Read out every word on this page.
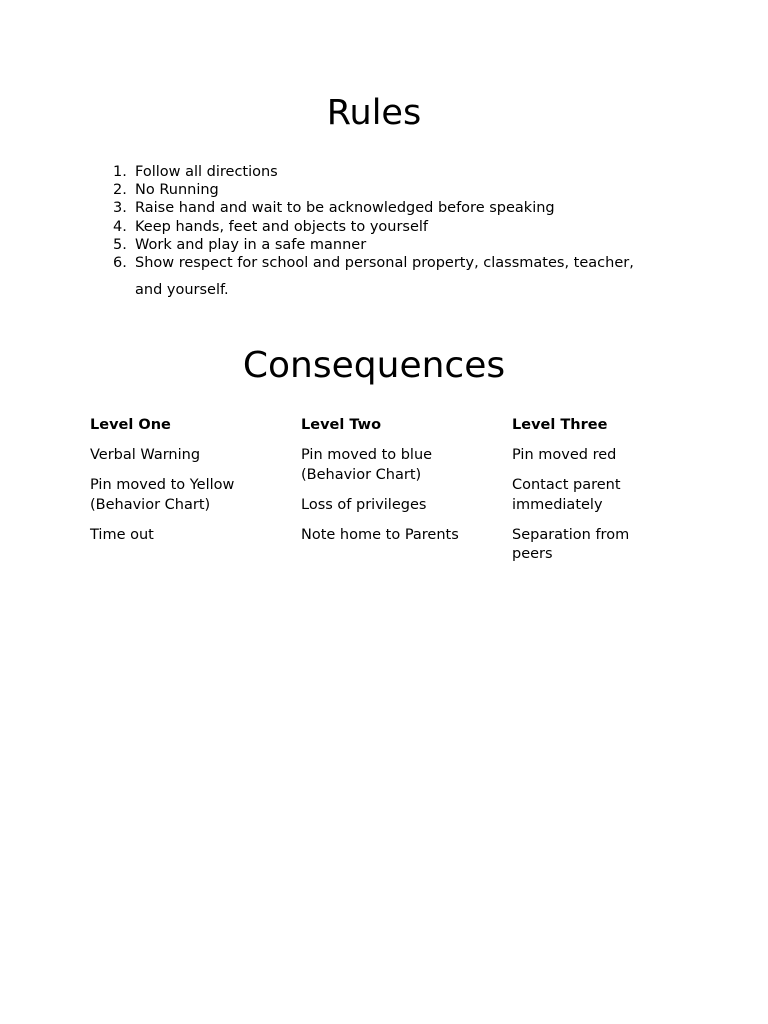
Rules
1. Follow all directions
2. No Running
3. Raise hand and wait to be acknowledged before speaking
4. Keep hands, feet and objects to yourself
5. Work and play in a safe manner
6. Show respect for school and personal property, classmates, teacher,
and yourself.
Consequences
Level One
Verbal Warning
Pin moved to Yellow (Behavior Chart)
Time out
Level Two
Pin moved to blue (Behavior Chart)
Loss of privileges
Note home to Parents
Level Three
Pin moved red
Contact parent immediately
Separation from peers
